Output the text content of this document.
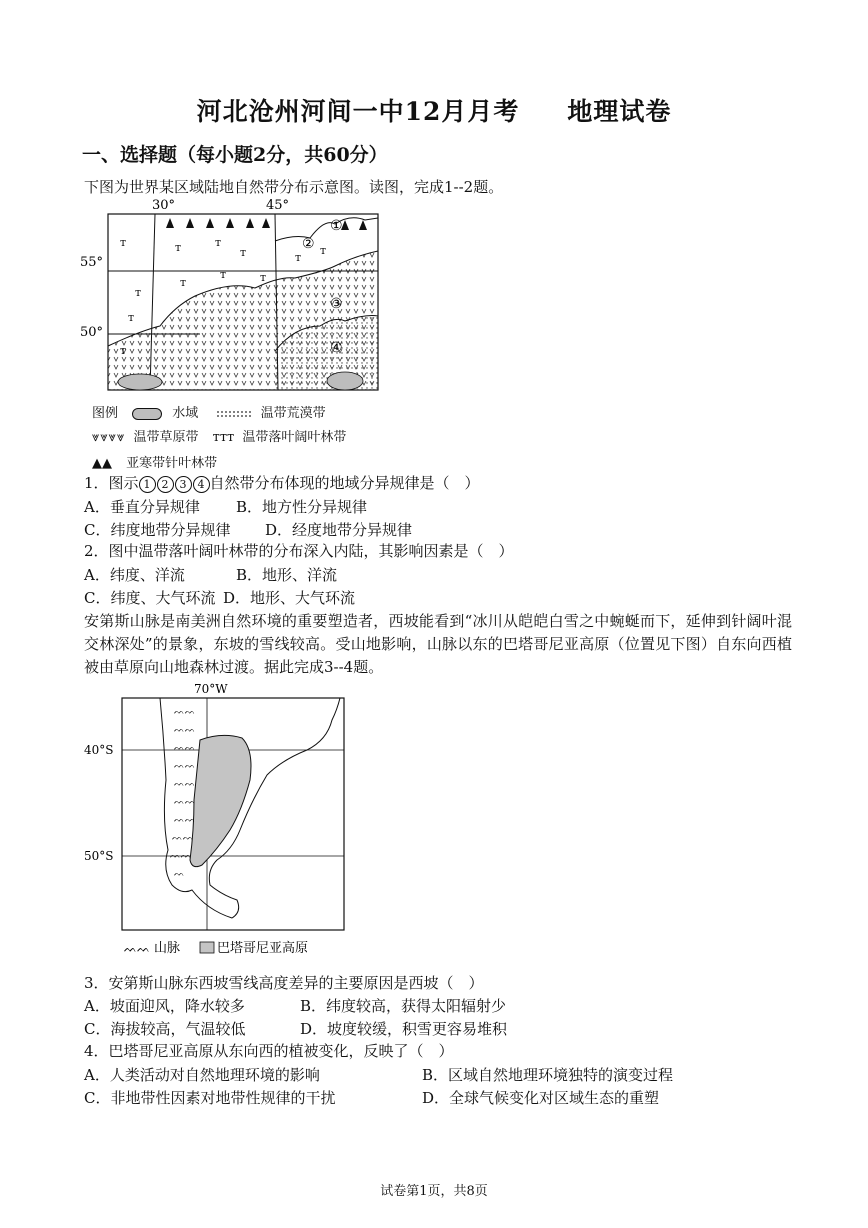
河北沧州河间一中12月月考 地理试卷
一、选择题（每小题2分，共60分）
下图为世界某区域陆地自然带分布示意图。读图，完成1--2题。
ᴛ
ᴛ
ᴛ
ᴛ	ᴛ
ᴛ	ᴛ
ᴛ
ᴛ
ᴛ	ᴛ
ᴛ
30°	45°
55°
50°
①
②
③
④
图例	水域	温带荒漠带
⩔⩔⩔⩔ 温带草原带 ᴛᴛᴛ 温带落叶阔叶林带
▲▲ 亚寒带针叶林带
1．图示 1 2 3 4 自然带分布体现的地域分异规律是（　）
A．垂直分异规律 B．地方性分异规律
C．纬度地带分异规律 D．经度地带分异规律
2．图中温带落叶阔叶林带的分布深入内陆，其影响因素是（　）
A．纬度、洋流	B．地形、洋流
C．纬度、大气环流 D．地形、大气环流
安第斯山脉是南美洲自然环境的重要塑造者，西坡能看到“冰川从皑皑白雪之中蜿蜒而下，延伸到针阔叶混交林深处”的景象，东坡的雪线较高。受山地影响，山脉以东的巴塔哥尼亚高原（位置见下图）自东向西植被由草原向山地森林过渡。据此完成3--4题。
ᨓᨓ
ᨓᨓ
ᨓᨓ
ᨓᨓ
ᨓᨓ
ᨓᨓ
ᨓᨓ
ᨓᨓ
ᨓᨓ
ᨓ
70°W
40°S
50°S
ᨓᨓ 山脉	巴塔哥尼亚高原
3．安第斯山脉东西坡雪线高度差异的主要原因是西坡（　）
A．坡面迎风，降水较多	B．纬度较高，获得太阳辐射少
C．海拔较高，气温较低	D．坡度较缓，积雪更容易堆积
4．巴塔哥尼亚高原从东向西的植被变化，反映了（　）
A．人类活动对自然地理环境的影响	B．区域自然地理环境独特的演变过程
C．非地带性因素对地带性规律的干扰	D．全球气候变化对区域生态的重塑
试卷第1页，共8页
